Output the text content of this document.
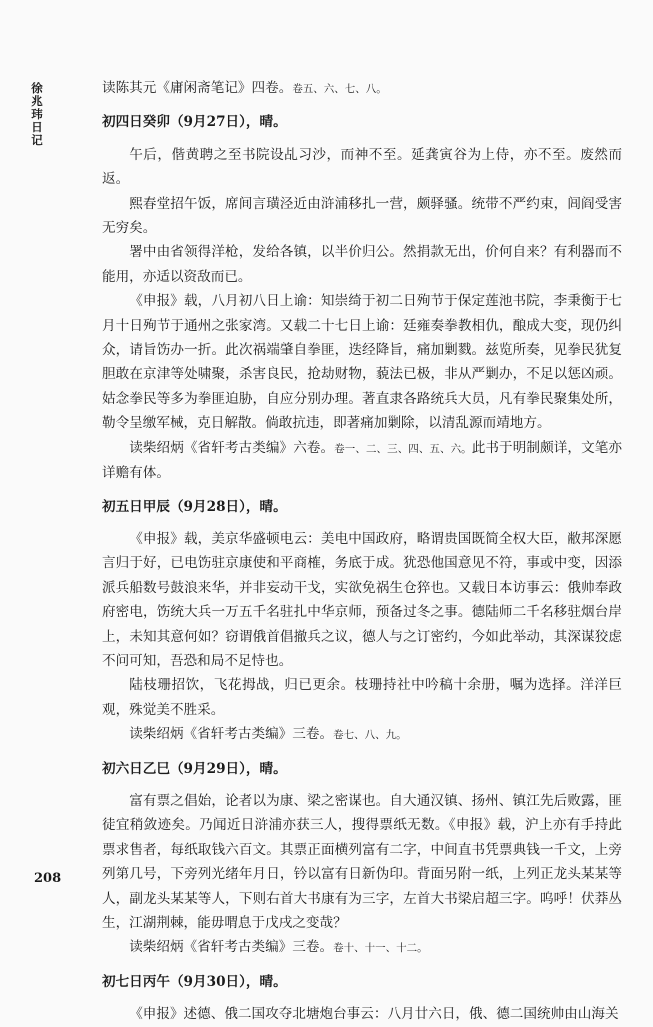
徐兆玮日记

读陈其元《庸闲斋笔记》四卷。卷五、六、七、八。

初四日癸卯（9月27日），晴。

午后，偕黄聘之至书院设乩习沙，而神不至。延龚寅谷为上侍，亦不至。废然而返。

熙春堂招午饭，席间言璜泾近由浒浦移扎一营，颇驿骚。统带不严约束，闾阎受害无穷矣。

署中由省领得洋枪，发给各镇，以半价归公。然捐款无出，价何自来？有利器而不能用，亦适以资敌而已。

《申报》载，八月初八日上谕：知崇绮于初二日殉节于保定莲池书院，李秉衡于七月十日殉节于通州之张家湾。又载二十七日上谕：廷雍奏拳教相仇，酿成大变，现仍纠众，请旨饬办一折。此次祸端肇自拳匪，迭经降旨，痛加剿戮。兹览所奏，见拳民犹复胆敢在京津等处啸聚，杀害良民，抢劫财物，藐法已极，非从严剿办，不足以惩凶顽。姑念拳民等多为拳匪迫胁，自应分别办理。著直隶各路统兵大员，凡有拳民聚集处所，勒令呈缴军械，克日解散。倘敢抗违，即著痛加剿除，以清乱源而靖地方。

读柴绍炳《省轩考古类编》六卷。卷一、二、三、四、五、六。此书于明制颇详，文笔亦详赡有体。

初五日甲辰（9月28日），晴。

《申报》载，美京华盛顿电云：美电中国政府，略谓贵国既简全权大臣，敝邦深愿言归于好，已电饬驻京康使和平商榷，务底于成。犹恐他国意见不符，事或中变，因添派兵船数号鼓浪来华，并非妄动干戈，实欲免祸生仓猝也。又载日本访事云：俄帅奉政府密电，饬统大兵一万五千名驻扎中华京师，预备过冬之事。德陆师二千名移驻烟台岸上，未知其意何如？窃谓俄首倡撤兵之议，德人与之订密约，今如此举动，其深谋狡虑不问可知，吾恐和局不足恃也。

陆枝珊招饮，飞花拇战，归已更余。枝珊持社中吟稿十余册，嘱为选择。洋洋巨观，殊觉美不胜采。

读柴绍炳《省轩考古类编》三卷。卷七、八、九。

初六日乙巳（9月29日），晴。

富有票之倡始，论者以为康、梁之密谋也。自大通汉镇、扬州、镇江先后败露，匪徒宜稍敛迹矣。乃闻近日浒浦亦获三人，搜得票纸无数。《申报》载，沪上亦有手持此票求售者，每纸取钱六百文。其票正面横列富有二字，中间直书凭票典钱一千文，上旁列第几号，下旁列光绪年月日，钤以富有日新伪印。背面另附一纸，上列正龙头某某等人，副龙头某某等人，下则右首大书康有为三字，左首大书梁启超三字。呜呼！伏莽丛生，江湖荆棘，能毋喟息于戊戌之变哉？

读柴绍炳《省轩考古类编》三卷。卷十、十一、十二。

初七日丙午（9月30日），晴。

《申报》述德、俄二国攻夺北塘炮台事云：八月廿六日，俄、德二国统帅由山海关

208
